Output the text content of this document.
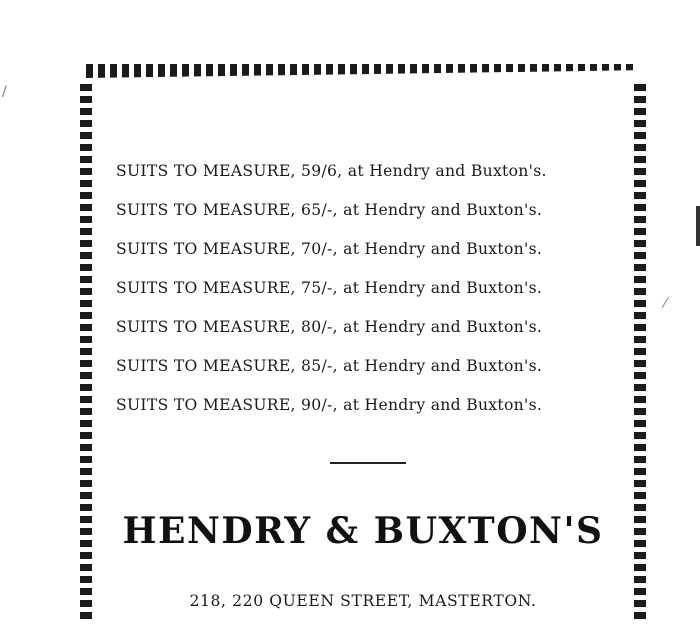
/
⁄
SUITS TO MEASURE, 59/6, at Hendry and Buxton's.
SUITS TO MEASURE, 65/-, at Hendry and Buxton's.
SUITS TO MEASURE, 70/-, at Hendry and Buxton's.
SUITS TO MEASURE, 75/-, at Hendry and Buxton's.
SUITS TO MEASURE, 80/-, at Hendry and Buxton's.
SUITS TO MEASURE, 85/-, at Hendry and Buxton's.
SUITS TO MEASURE, 90/-, at Hendry and Buxton's.
HENDRY & BUXTON'S
218, 220 QUEEN STREET, MASTERTON.
